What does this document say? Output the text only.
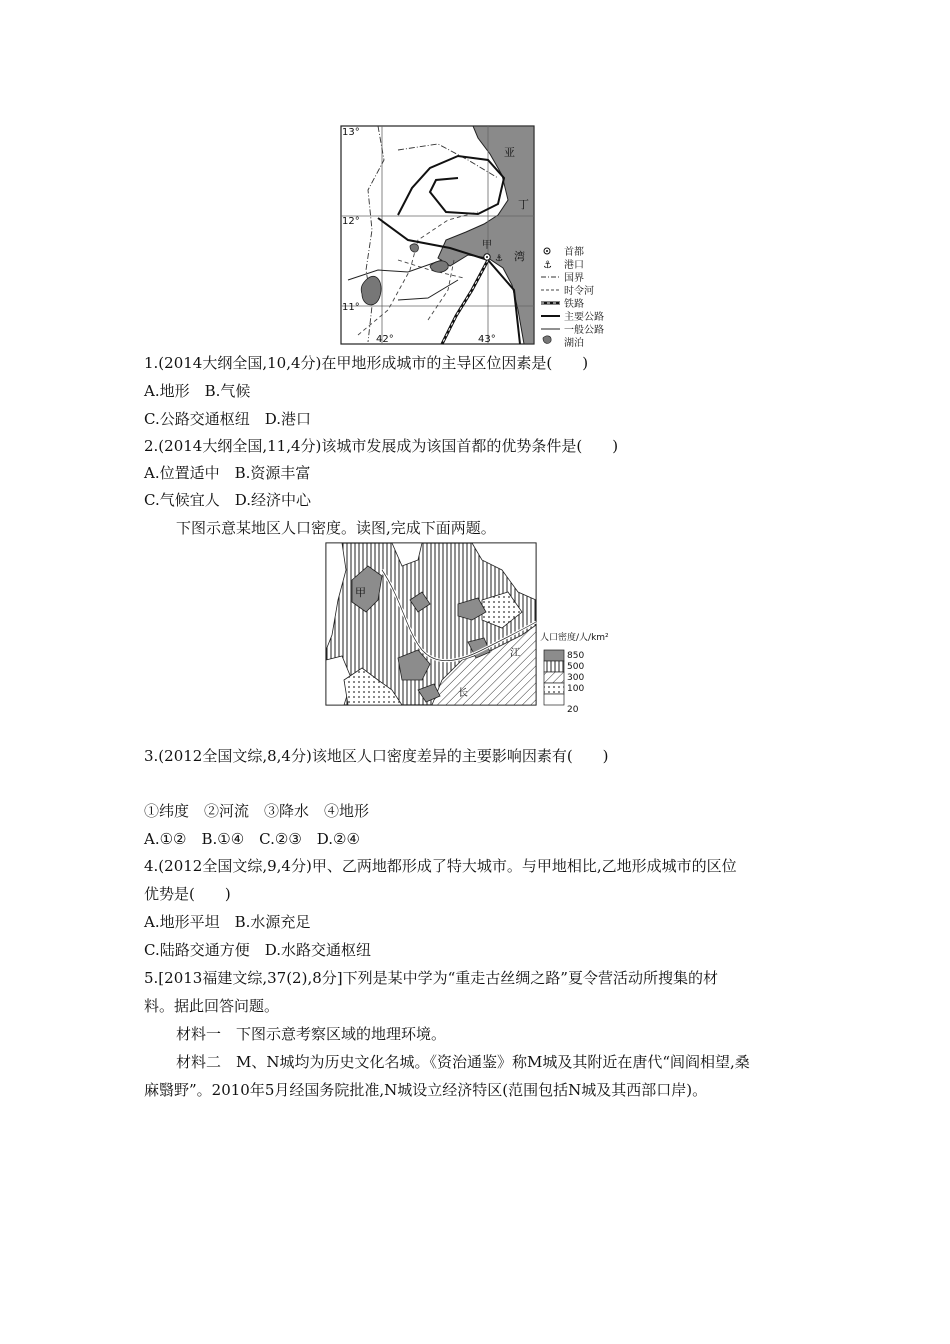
⚓
13°
12°
11°
42°	43°
亚
丁
湾
甲
⚓
首都
港口
国界
时令河
铁路
主要公路
一般公路
湖泊
1.(2014大纲全国,10,4分)在甲地形成城市的主导区位因素是(　　)
A.地形　B.气候
C.公路交通枢纽　D.港口
2.(2014大纲全国,11,4分)该城市发展成为该国首都的优势条件是(　　)
A.位置适中　B.资源丰富
C.气候宜人　D.经济中心
下图示意某地区人口密度。读图,完成下面两题。
甲
江
长
人口密度/人/km²
850
500
300
100
20
3.(2012全国文综,8,4分)该地区人口密度差异的主要影响因素有(　　)
①纬度　②河流　③降水　④地形
A.①②　B.①④　C.②③　D.②④
4.(2012全国文综,9,4分)甲、乙两地都形成了特大城市。与甲地相比,乙地形成城市的区位
优势是(　　)
A.地形平坦　B.水源充足
C.陆路交通方便　D.水路交通枢纽
5.[2013福建文综,37(2),8分]下列是某中学为“重走古丝绸之路”夏令营活动所搜集的材
料。据此回答问题。
材料一　下图示意考察区域的地理环境。
材料二　M、N城均为历史文化名城。《资治通鉴》称M城及其附近在唐代“闾阎相望,桑
麻翳野”。2010年5月经国务院批准,N城设立经济特区(范围包括N城及其西部口岸)。
